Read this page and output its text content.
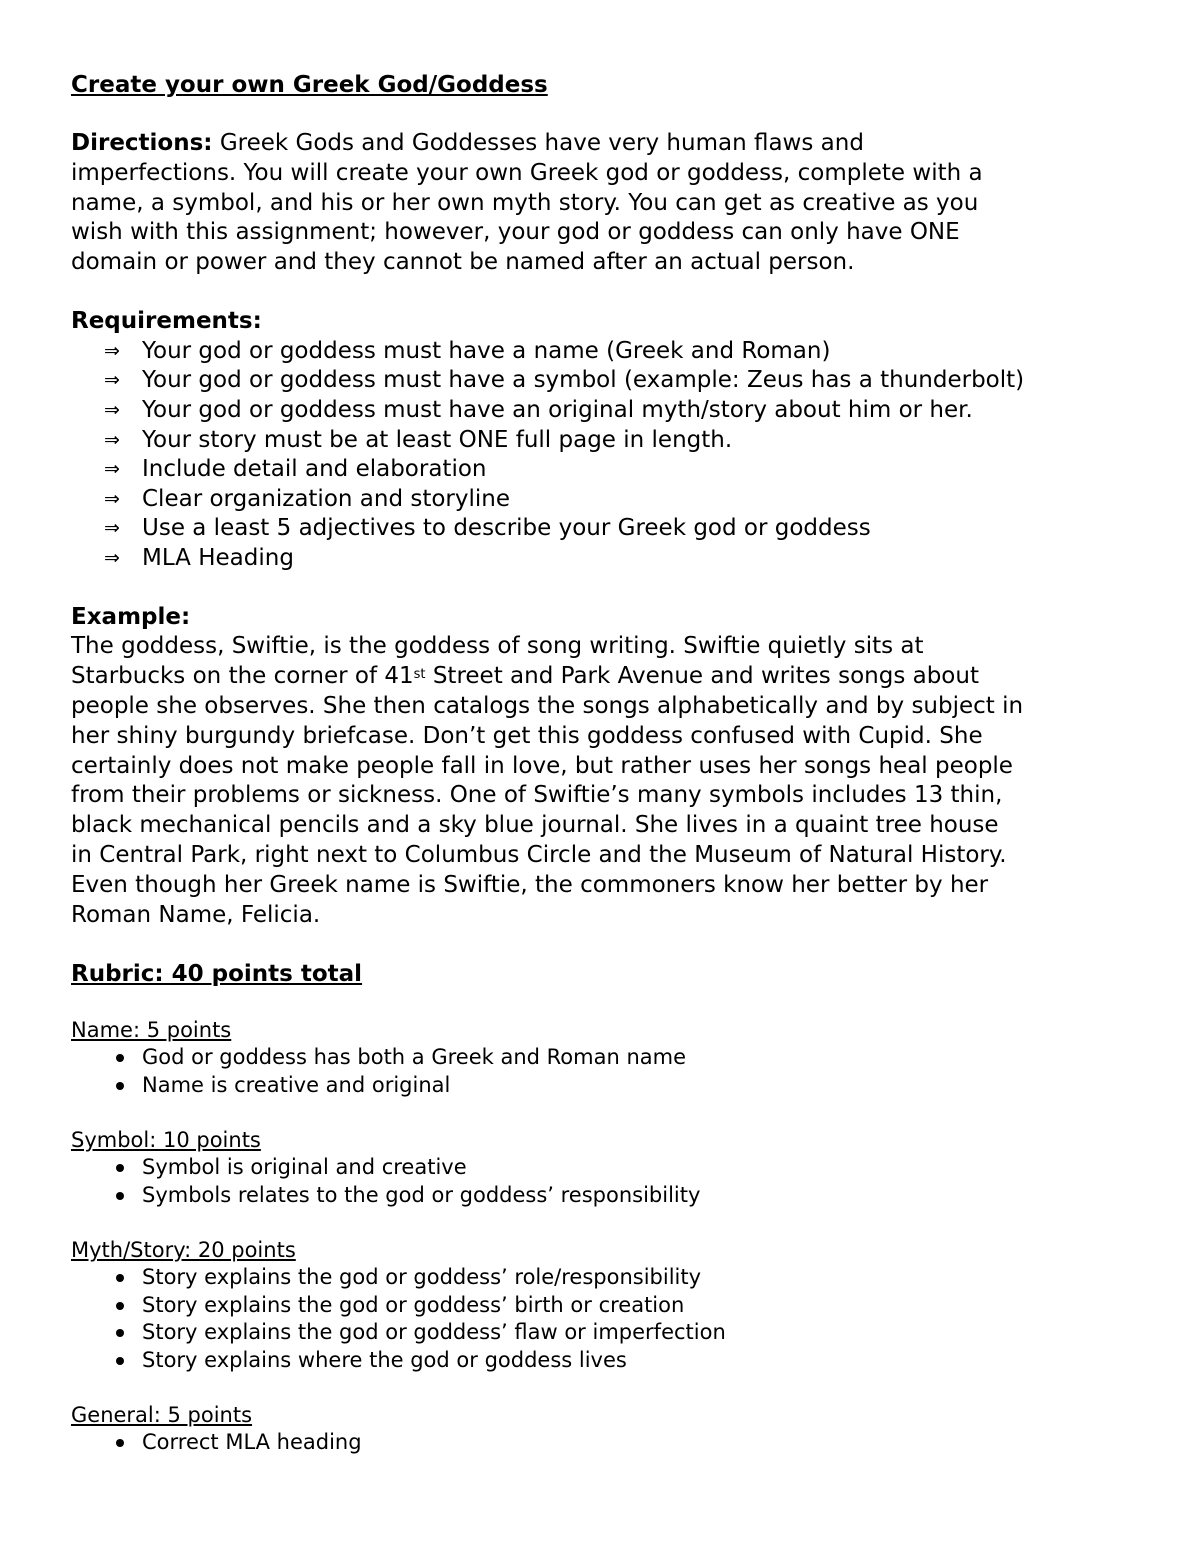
Create your own Greek God/Goddess
Directions: Greek Gods and Goddesses have very human flaws and
imperfections. You will create your own Greek god or goddess, complete with a
name, a symbol, and his or her own myth story. You can get as creative as you
wish with this assignment; however, your god or goddess can only have ONE
domain or power and they cannot be named after an actual person.
Requirements:
⇒ Your god or goddess must have a name (Greek and Roman)
⇒ Your god or goddess must have a symbol (example: Zeus has a thunderbolt)
⇒ Your god or goddess must have an original myth/story about him or her.
⇒ Your story must be at least ONE full page in length.
⇒ Include detail and elaboration
⇒ Clear organization and storyline
⇒ Use a least 5 adjectives to describe your Greek god or goddess
⇒ MLA Heading
Example:
The goddess, Swiftie, is the goddess of song writing. Swiftie quietly sits at
Starbucks on the corner of 41st Street and Park Avenue and writes songs about
people she observes. She then catalogs the songs alphabetically and by subject in
her shiny burgundy briefcase. Don’t get this goddess confused with Cupid. She
certainly does not make people fall in love, but rather uses her songs heal people
from their problems or sickness. One of Swiftie’s many symbols includes 13 thin,
black mechanical pencils and a sky blue journal. She lives in a quaint tree house
in Central Park, right next to Columbus Circle and the Museum of Natural History.
Even though her Greek name is Swiftie, the commoners know her better by her
Roman Name, Felicia.
Rubric: 40 points total
Name: 5 points
God or goddess has both a Greek and Roman name
Name is creative and original
Symbol: 10 points
Symbol is original and creative
Symbols relates to the god or goddess’ responsibility
Myth/Story: 20 points
Story explains the god or goddess’ role/responsibility
Story explains the god or goddess’ birth or creation
Story explains the god or goddess’ flaw or imperfection
Story explains where the god or goddess lives
General: 5 points
Correct MLA heading
